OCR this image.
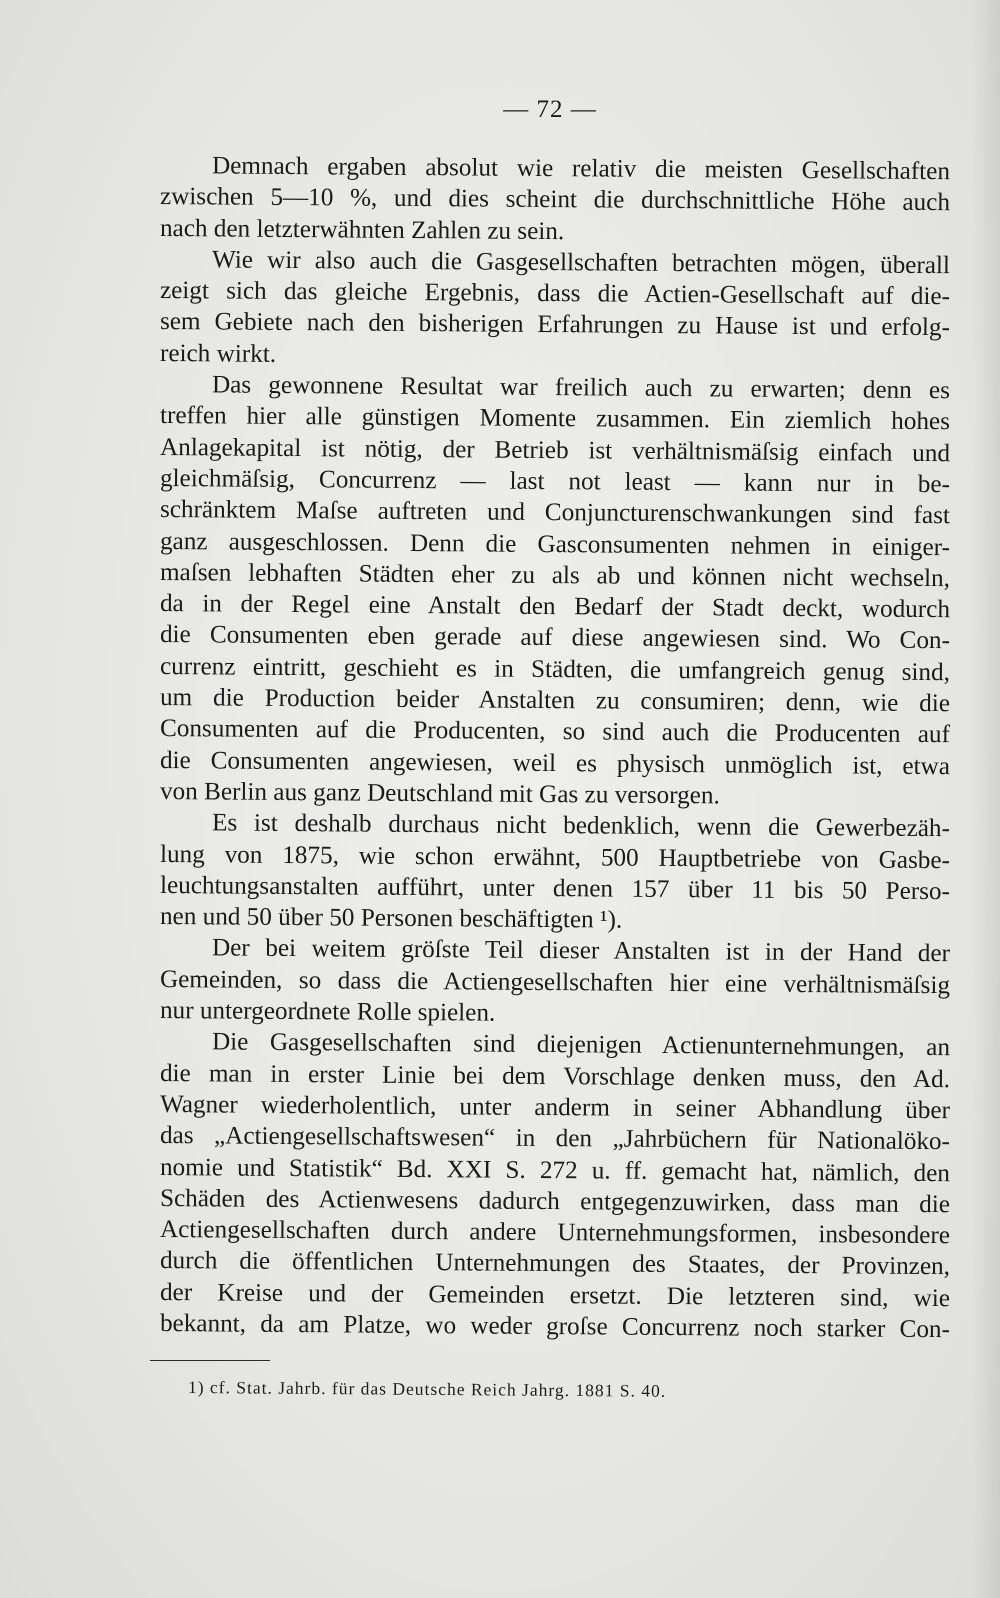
— 72 —
Demnach ergaben absolut wie relativ die meisten Gesellschaften
zwischen 5—10 %, und dies scheint die durchschnittliche Höhe auch
nach den letzterwähnten Zahlen zu sein.
Wie wir also auch die Gasgesellschaften betrachten mögen, überall
zeigt sich das gleiche Ergebnis, dass die Actien-Gesellschaft auf die-
sem Gebiete nach den bisherigen Erfahrungen zu Hause ist und erfolg-
reich wirkt.
Das gewonnene Resultat war freilich auch zu erwarten; denn es
treffen hier alle günstigen Momente zusammen. Ein ziemlich hohes
Anlagekapital ist nötig, der Betrieb ist verhältnismäſsig einfach und
gleichmäſsig, Concurrenz — last not least — kann nur in be-
schränktem Maſse auftreten und Conjuncturenschwankungen sind fast
ganz ausgeschlossen. Denn die Gasconsumenten nehmen in einiger-
maſsen lebhaften Städten eher zu als ab und können nicht wechseln,
da in der Regel eine Anstalt den Bedarf der Stadt deckt, wodurch
die Consumenten eben gerade auf diese angewiesen sind. Wo Con-
currenz eintritt, geschieht es in Städten, die umfangreich genug sind,
um die Production beider Anstalten zu consumiren; denn, wie die
Consumenten auf die Producenten, so sind auch die Producenten auf
die Consumenten angewiesen, weil es physisch unmöglich ist, etwa
von Berlin aus ganz Deutschland mit Gas zu versorgen.
Es ist deshalb durchaus nicht bedenklich, wenn die Gewerbezäh-
lung von 1875, wie schon erwähnt, 500 Hauptbetriebe von Gasbe-
leuchtungsanstalten aufführt, unter denen 157 über 11 bis 50 Perso-
nen und 50 über 50 Personen beschäftigten ¹).
Der bei weitem gröſste Teil dieser Anstalten ist in der Hand der
Gemeinden, so dass die Actiengesellschaften hier eine verhältnismäſsig
nur untergeordnete Rolle spielen.
Die Gasgesellschaften sind diejenigen Actienunternehmungen, an
die man in erster Linie bei dem Vorschlage denken muss, den Ad.
Wagner wiederholentlich, unter anderm in seiner Abhandlung über
das „Actiengesellschaftswesen“ in den „Jahrbüchern für Nationalöko-
nomie und Statistik“ Bd. XXI S. 272 u. ff. gemacht hat, nämlich, den
Schäden des Actienwesens dadurch entgegenzuwirken, dass man die
Actiengesellschaften durch andere Unternehmungsformen, insbesondere
durch die öffentlichen Unternehmungen des Staates, der Provinzen,
der Kreise und der Gemeinden ersetzt. Die letzteren sind, wie
bekannt, da am Platze, wo weder groſse Concurrenz noch starker Con-
1) cf. Stat. Jahrb. für das Deutsche Reich Jahrg. 1881 S. 40.
